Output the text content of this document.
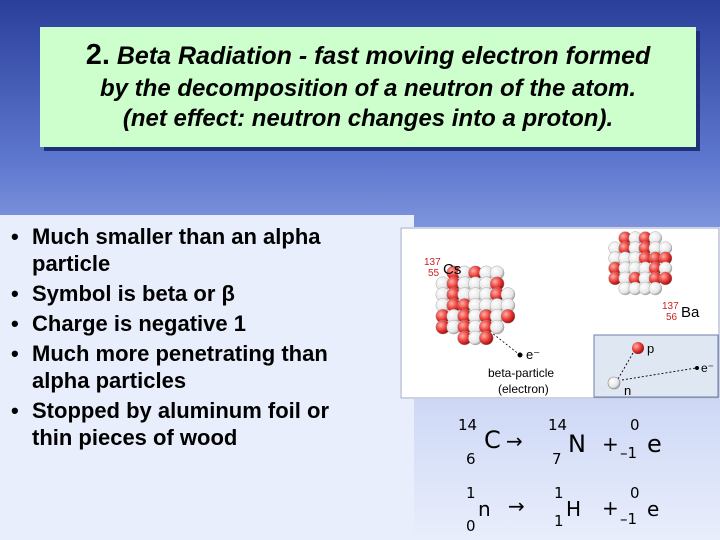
2. Beta Radiation - fast moving electron formed
by the decomposition of a neutron of the atom.
(net effect: neutron changes into a proton).
• Much smaller than an alpha
particle
• Symbol is beta or β
• Charge is negative 1
• Much more penetrating than
alpha particles
• Stopped by aluminum foil or
thin pieces of wood
137
55 Cs
137
56 Ba
e⁻
beta-particle
(electron)
p
n
e⁻
14
6
C →
14
7
N +
0
–1 e
1
0
n →
1
1 H +
0
–1 e
